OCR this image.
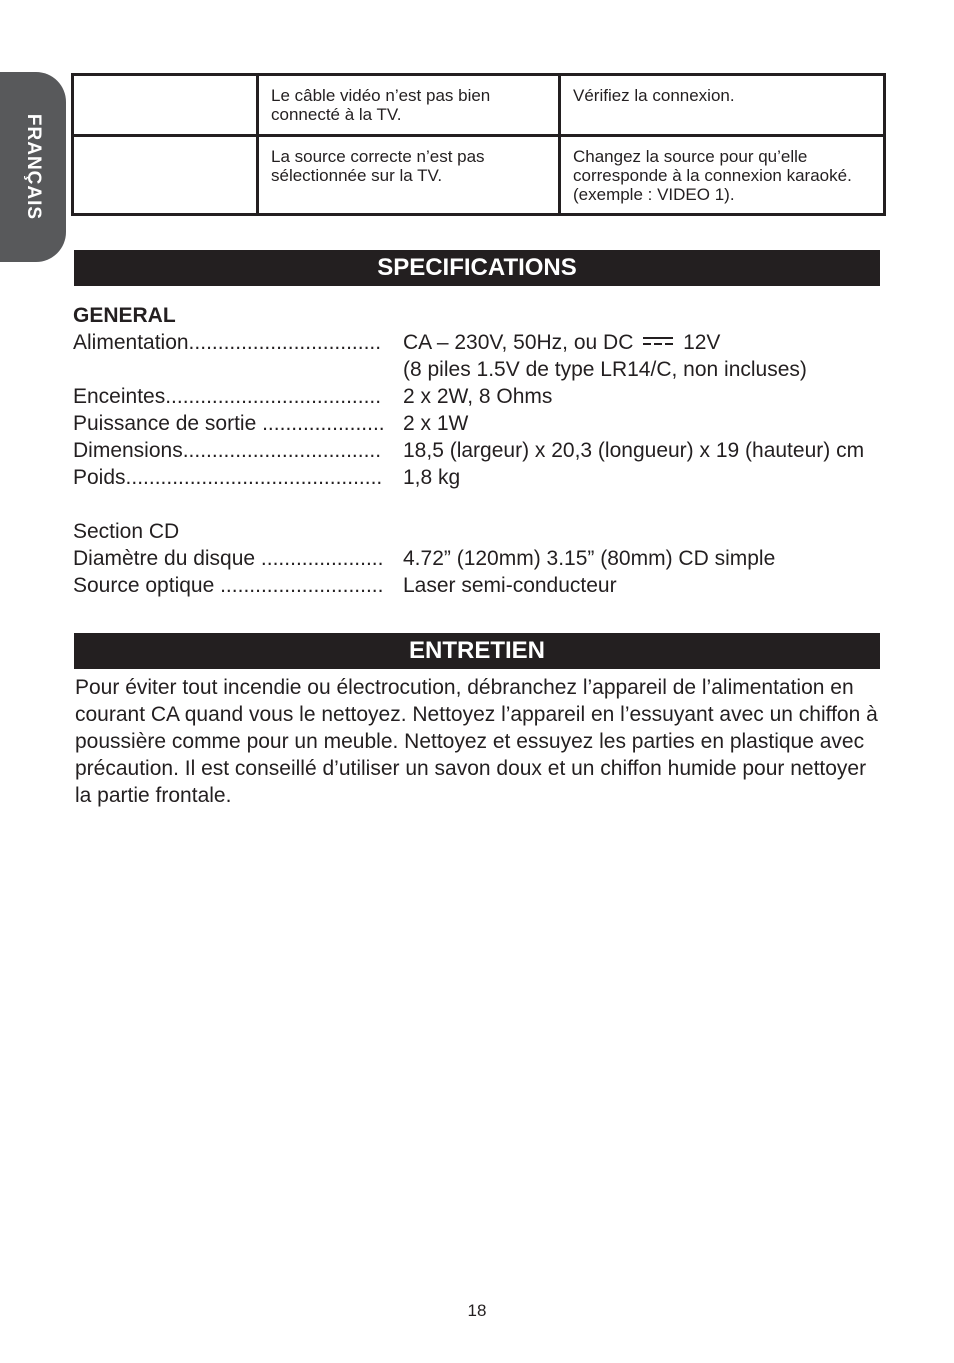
FRANÇAIS
	Le câble vidéo n’est pas bien connecté à la TV.	Vérifiez la connexion.
	La source correcte n’est pas sélectionnée sur la TV.	Changez la source pour qu’elle corresponde à la connexion karaoké. (exemple : VIDEO 1).
SPECIFICATIONS
GENERAL
Alimentation.................................	CA – 230V, 50Hz, ou DC 12V
(8 piles 1.5V de type LR14/C, non incluses)
Enceintes.....................................	2 x 2W, 8 Ohms
Puissance de sortie ..................... 2 x 1W
Dimensions..................................	18,5 (largeur) x 20,3 (longueur) x 19 (hauteur) cm
Poids............................................ 1,8 kg
Section CD
Diamètre du disque ..................... 4.72” (120mm) 3.15” (80mm) CD simple
Source optique ............................ Laser semi-conducteur
ENTRETIEN
Pour éviter tout incendie ou électrocution, débranchez l’appareil de l’alimentation en courant CA quand vous le nettoyez. Nettoyez l’appareil en l’essuyant avec un chiffon à poussière comme pour un meuble. Nettoyez et essuyez les parties en plastique avec précaution. Il est conseillé d’utiliser un savon doux et un chiffon humide pour nettoyer la partie frontale.
18
